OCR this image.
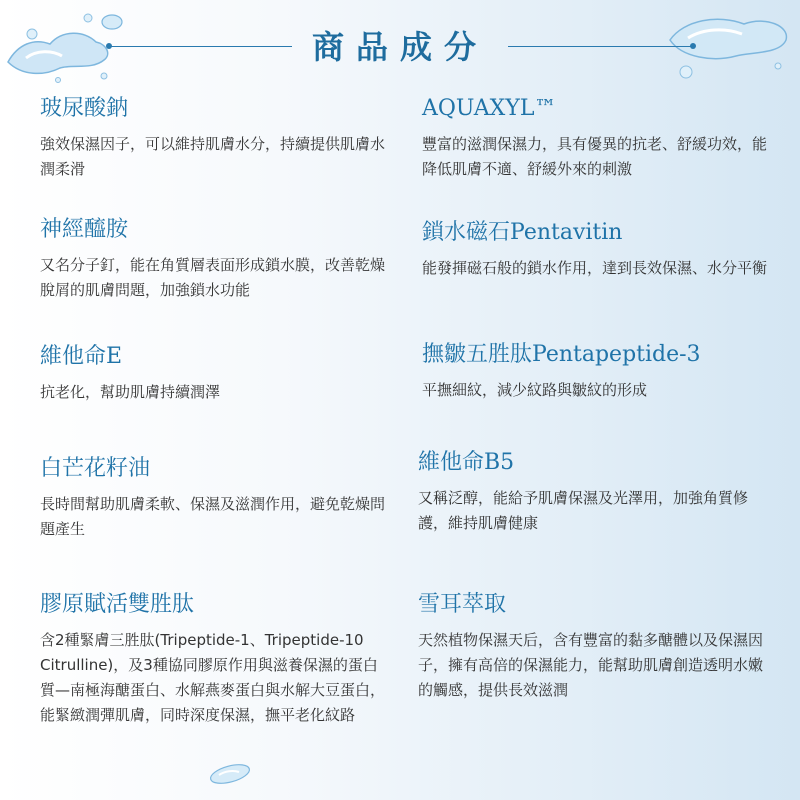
商品成分
玻尿酸鈉
強效保濕因子，可以維持肌膚水分，持續提供肌膚水潤柔滑
AQUAXYL™
豐富的滋潤保濕力，具有優異的抗老、舒緩功效，能降低肌膚不適、舒緩外來的刺激
神經醯胺
又名分子釘，能在角質層表面形成鎖水膜，改善乾燥脫屑的肌膚問題，加強鎖水功能
鎖水磁石Pentavitin
能發揮磁石般的鎖水作用，達到長效保濕、水分平衡
維他命E
抗老化，幫助肌膚持續潤澤
撫皺五胜肽Pentapeptide-3
平撫細紋，減少紋路與皺紋的形成
白芒花籽油
長時間幫助肌膚柔軟、保濕及滋潤作用，避免乾燥問題產生
維他命B5
又稱泛醇，能給予肌膚保濕及光澤用，加強角質修護，維持肌膚健康
膠原賦活雙胜肽
含2種緊膚三胜肽(Tripeptide-1、Tripeptide-10 Citrulline)，及3種協同膠原作用與滋養保濕的蛋白質—南極海醣蛋白、水解燕麥蛋白與水解大豆蛋白，能緊緻潤彈肌膚，同時深度保濕，撫平老化紋路
雪耳萃取
天然植物保濕天后，含有豐富的黏多醣體以及保濕因子，擁有高倍的保濕能力，能幫助肌膚創造透明水嫩的觸感，提供長效滋潤
